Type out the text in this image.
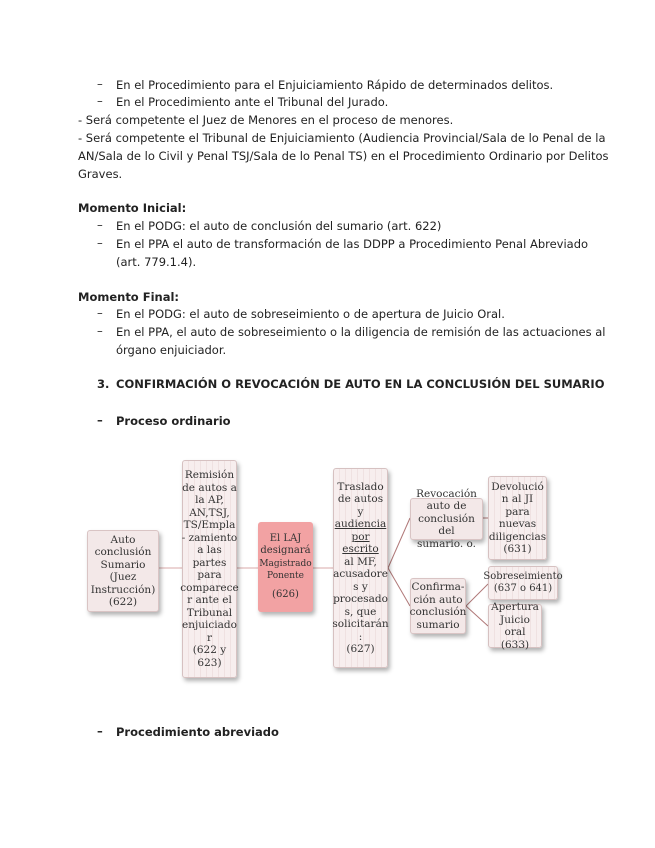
– En el Procedimiento para el Enjuiciamiento Rápido de determinados delitos.
– En el Procedimiento ante el Tribunal del Jurado.
- Será competente el Juez de Menores en el proceso de menores.
- Será competente el Tribunal de Enjuiciamiento (Audiencia Provincial/Sala de lo Penal de la
AN/Sala de lo Civil y Penal TSJ/Sala de lo Penal TS) en el Procedimiento Ordinario por Delitos
Graves.
Momento Inicial:
– En el PODG: el auto de conclusión del sumario (art. 622)
– En el PPA el auto de transformación de las DDPP a Procedimiento Penal Abreviado
(art. 779.1.4).
Momento Final:
– En el PODG: el auto de sobreseimiento o de apertura de Juicio Oral.
– En el PPA, el auto de sobreseimiento o la diligencia de remisión de las actuaciones al
órgano enjuiciador.
3. CONFIRMACIÓN O REVOCACIÓN DE AUTO EN LA CONCLUSIÓN DEL SUMARIO
– Proceso ordinario
Auto
conclusión
Sumario
(Juez
Instrucción)
(622)
Remisión
de autos a
la AP,
AN,TSJ,
TS/Empla
- zamiento
a las
partes
para
comparece
r ante el
Tribunal
enjuiciado
r
(622 y
623)
El LAJ
designará
Magistrado
Ponente
(626)
Traslado
de autos y
audiencia
por escrito
al MF,
acusadore
s y
procesado
s, que
solicitarán
:
(627)
Revocación
auto de
conclusión del
sumario. o.
Confirma-
ción auto
conclusión
sumario
Devolució
n al JI
para
nuevas
diligencias
(631)
Sobreseimiento
(637 o 641)
Apertura
Juicio oral
(633)
– Procedimiento abreviado
